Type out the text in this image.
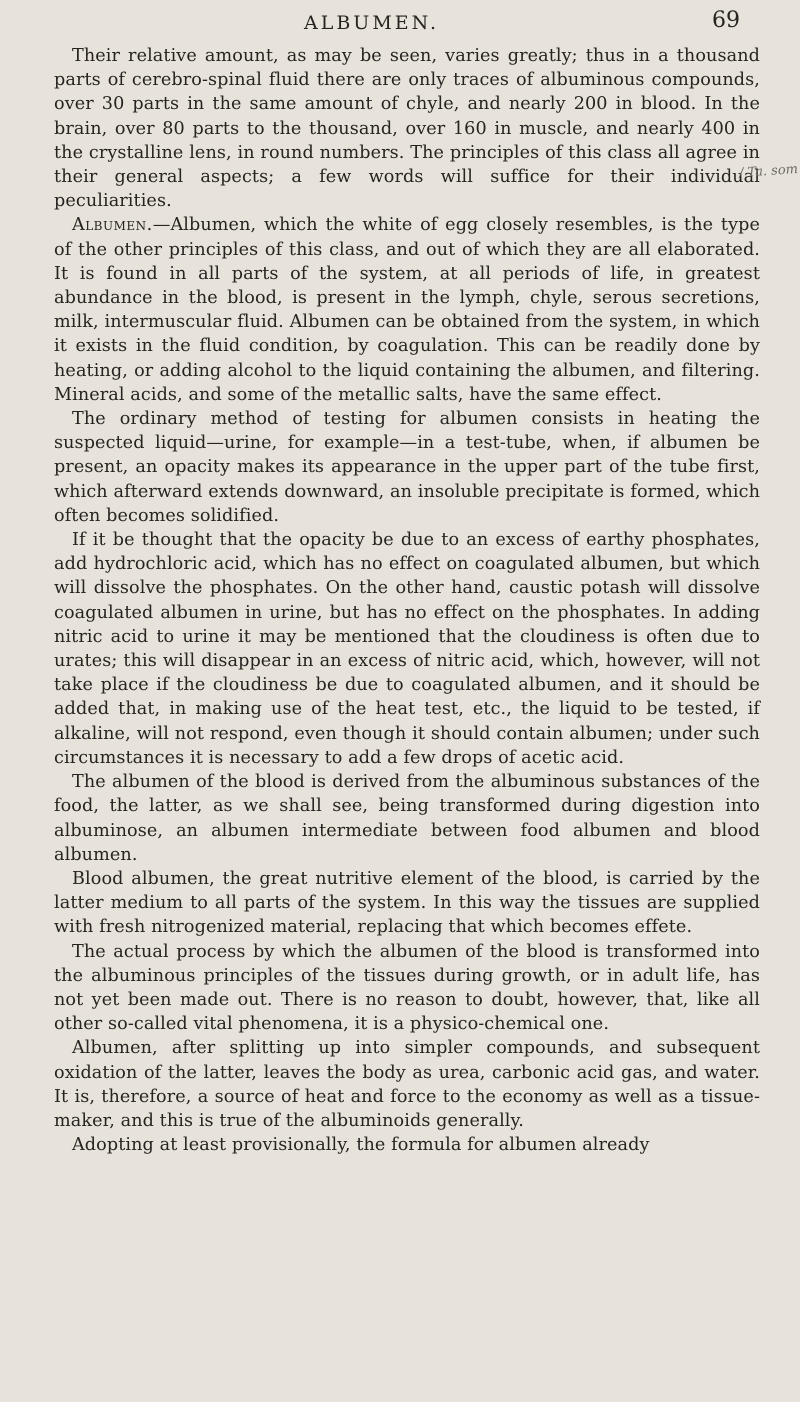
ALBUMEN.	69
/ Ta. som

Their relative amount, as may be seen, varies greatly; thus in a thousand parts of cerebro-spinal fluid there are only traces of albuminous compounds, over 30 parts in the same amount of chyle, and nearly 200 in blood. In the brain, over 80 parts to the thousand, over 160 in muscle, and nearly 400 in the crystalline lens, in round numbers. The principles of this class all agree in their general aspects; a few words will suffice for their individual peculiarities.

Albumen.—Albumen, which the white of egg closely resembles, is the type of the other principles of this class, and out of which they are all elaborated. It is found in all parts of the system, at all periods of life, in greatest abundance in the blood, is present in the lymph, chyle, serous secretions, milk, intermuscular fluid. Albumen can be obtained from the system, in which it exists in the fluid condition, by coagulation. This can be readily done by heating, or adding alcohol to the liquid containing the albumen, and filtering. Mineral acids, and some of the metallic salts, have the same effect.

The ordinary method of testing for albumen consists in heating the suspected liquid—urine, for example—in a test-tube, when, if albumen be present, an opacity makes its appearance in the upper part of the tube first, which afterward extends downward, an insoluble precipitate is formed, which often becomes solidified.

If it be thought that the opacity be due to an excess of earthy phosphates, add hydrochloric acid, which has no effect on coagulated albumen, but which will dissolve the phosphates. On the other hand, caustic potash will dissolve coagulated albumen in urine, but has no effect on the phosphates. In adding nitric acid to urine it may be mentioned that the cloudiness is often due to urates; this will disappear in an excess of nitric acid, which, however, will not take place if the cloudiness be due to coagulated albumen, and it should be added that, in making use of the heat test, etc., the liquid to be tested, if alkaline, will not respond, even though it should contain albumen; under such circumstances it is necessary to add a few drops of acetic acid.

The albumen of the blood is derived from the albuminous substances of the food, the latter, as we shall see, being transformed during digestion into albuminose, an albumen intermediate between food albumen and blood albumen.

Blood albumen, the great nutritive element of the blood, is carried by the latter medium to all parts of the system. In this way the tissues are supplied with fresh nitrogenized material, replacing that which becomes effete.

The actual process by which the albumen of the blood is transformed into the albuminous principles of the tissues during growth, or in adult life, has not yet been made out. There is no reason to doubt, however, that, like all other so-called vital phenomena, it is a physico-chemical one.

Albumen, after splitting up into simpler compounds, and subsequent oxidation of the latter, leaves the body as urea, carbonic acid gas, and water. It is, therefore, a source of heat and force to the economy as well as a tissue-maker, and this is true of the albuminoids generally.

Adopting at least provisionally, the formula for albumen already
